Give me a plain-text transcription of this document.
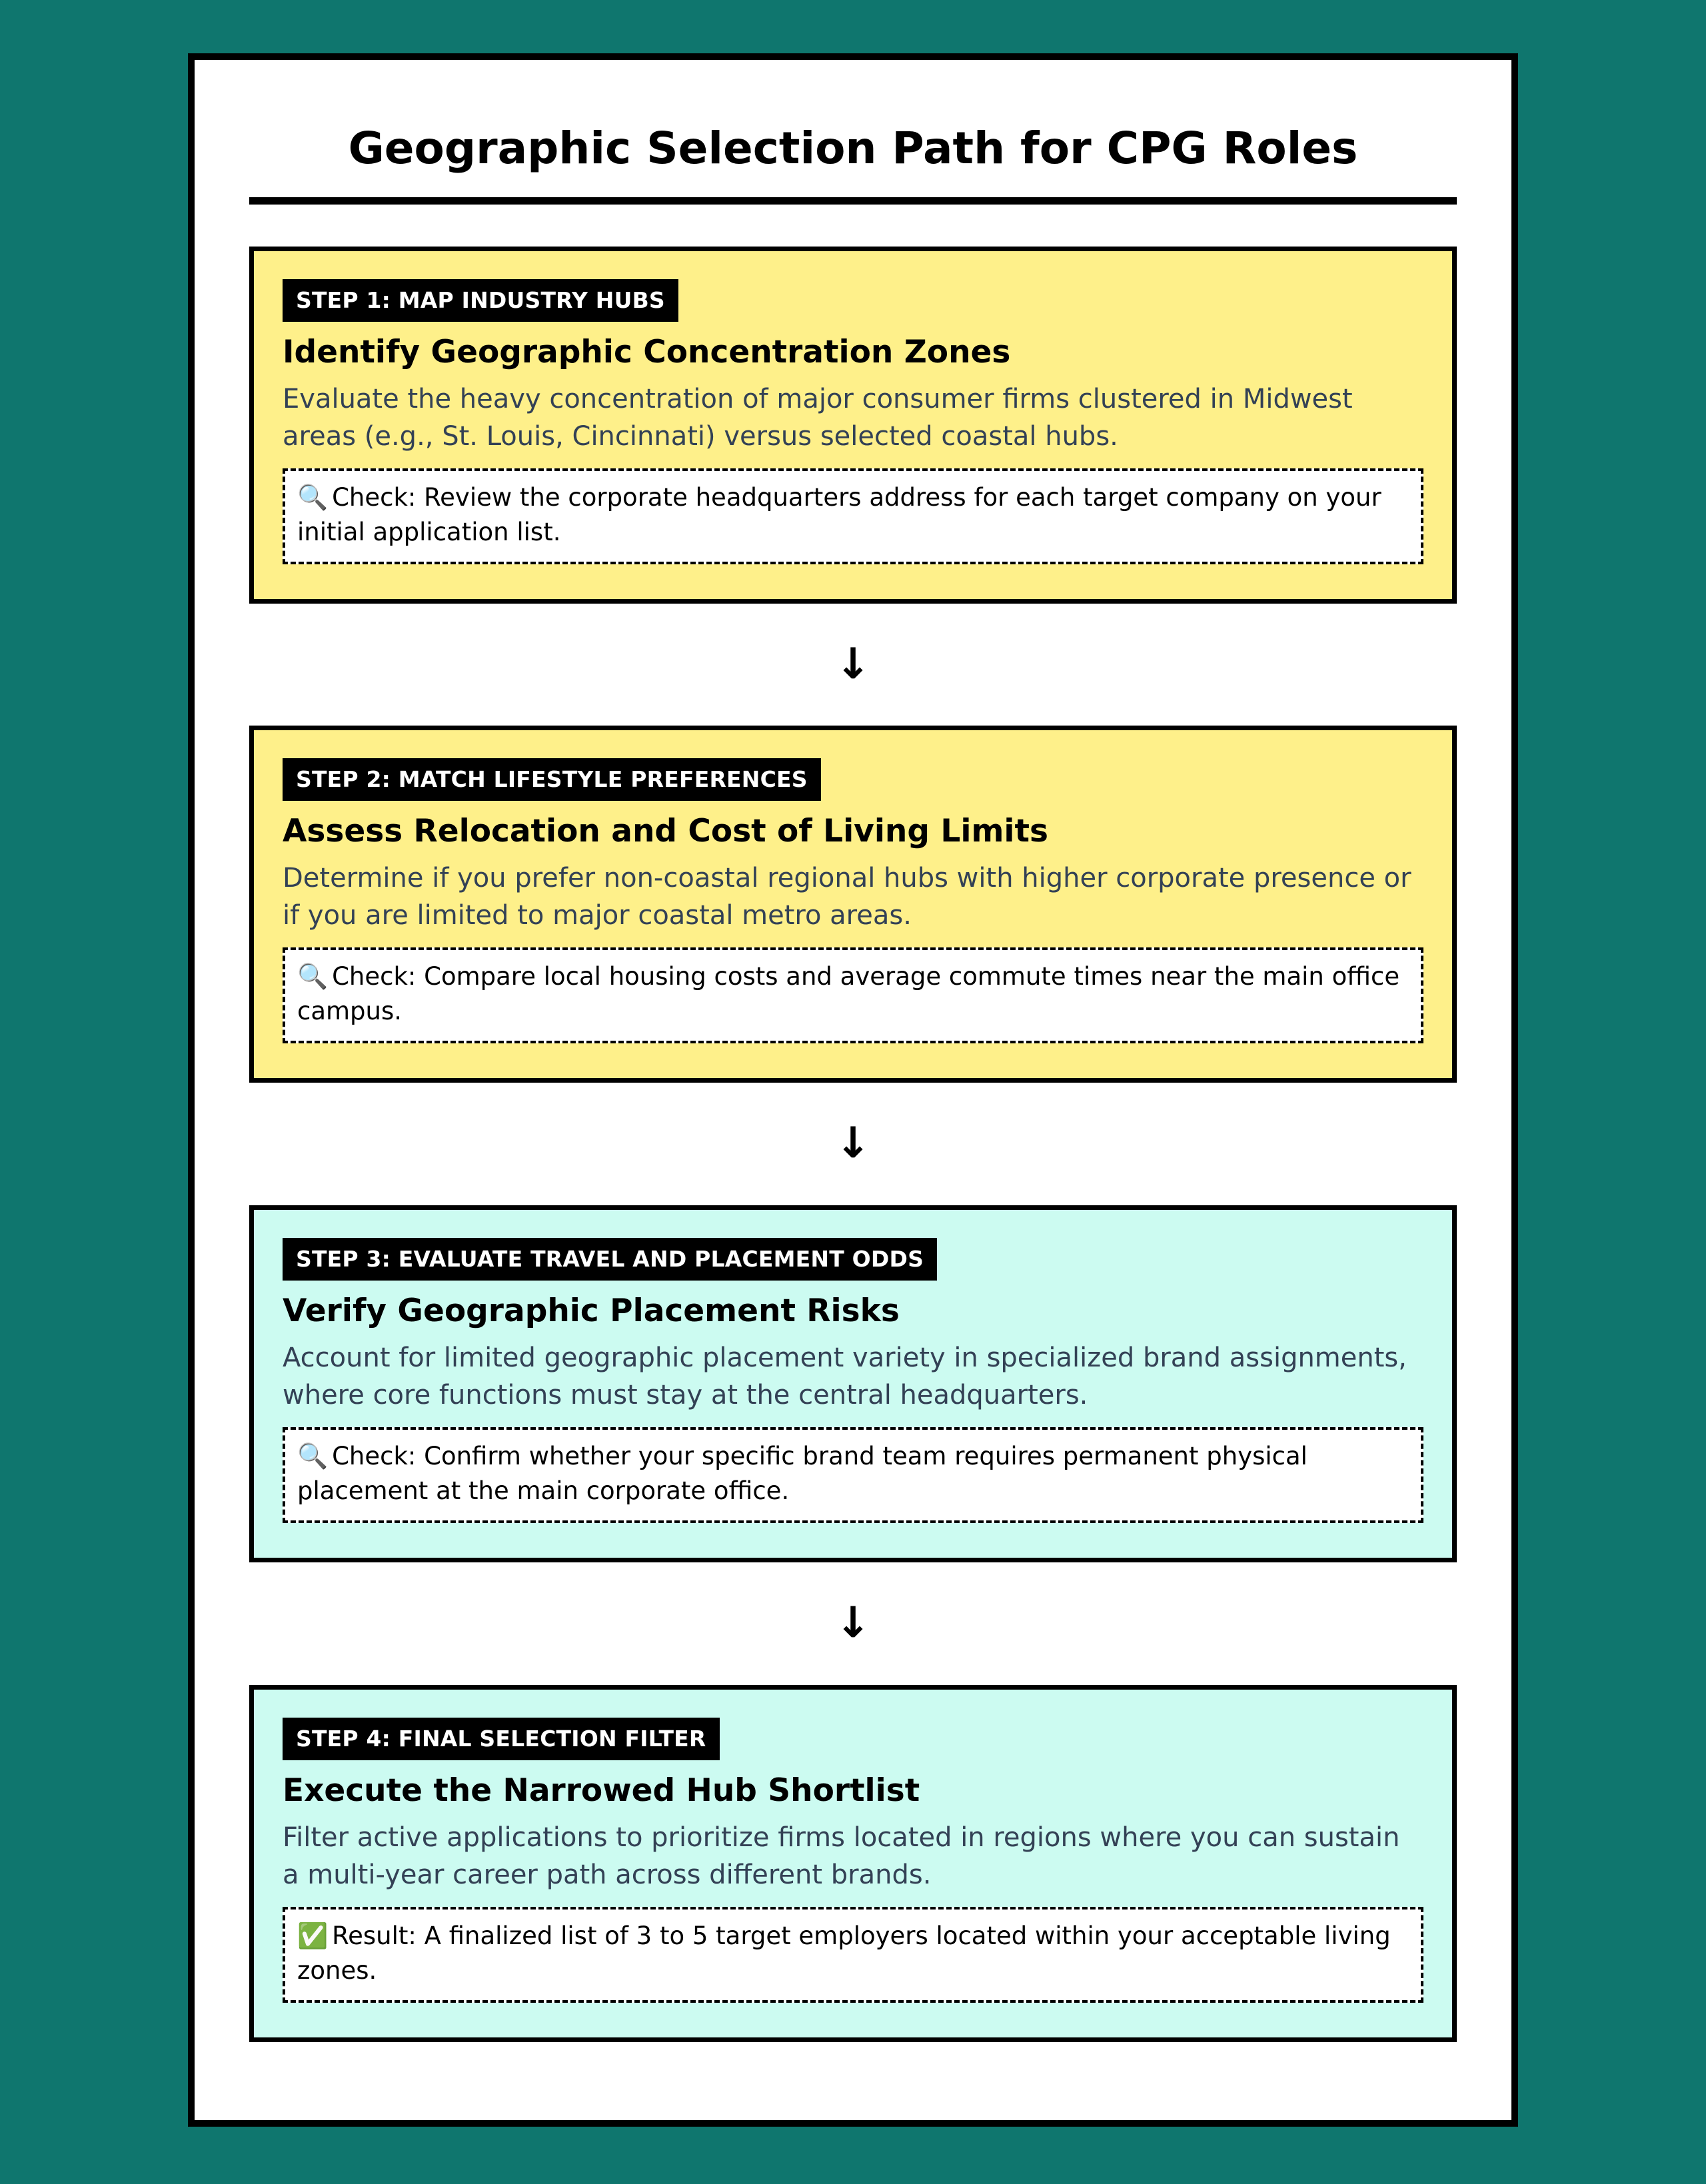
Geographic Selection Path for CPG Roles
STEP 1: MAP INDUSTRY HUBS
Identify Geographic Concentration Zones

Evaluate the heavy concentration of major consumer firms clustered in Midwest areas (e.g., St. Louis, Cincinnati) versus selected coastal hubs.

🔍 Check: Review the corporate headquarters address for each target company on your initial application list.
↓
STEP 2: MATCH LIFESTYLE PREFERENCES
Assess Relocation and Cost of Living Limits

Determine if you prefer non-coastal regional hubs with higher corporate presence or if you are limited to major coastal metro areas.

🔍 Check: Compare local housing costs and average commute times near the main office campus.
↓
STEP 3: EVALUATE TRAVEL AND PLACEMENT ODDS
Verify Geographic Placement Risks

Account for limited geographic placement variety in specialized brand assignments, where core functions must stay at the central headquarters.

🔍 Check: Confirm whether your specific brand team requires permanent physical placement at the main corporate office.
↓
STEP 4: FINAL SELECTION FILTER
Execute the Narrowed Hub Shortlist

Filter active applications to prioritize firms located in regions where you can sustain a multi-year career path across different brands.

✅ Result: A finalized list of 3 to 5 target employers located within your acceptable living zones.
